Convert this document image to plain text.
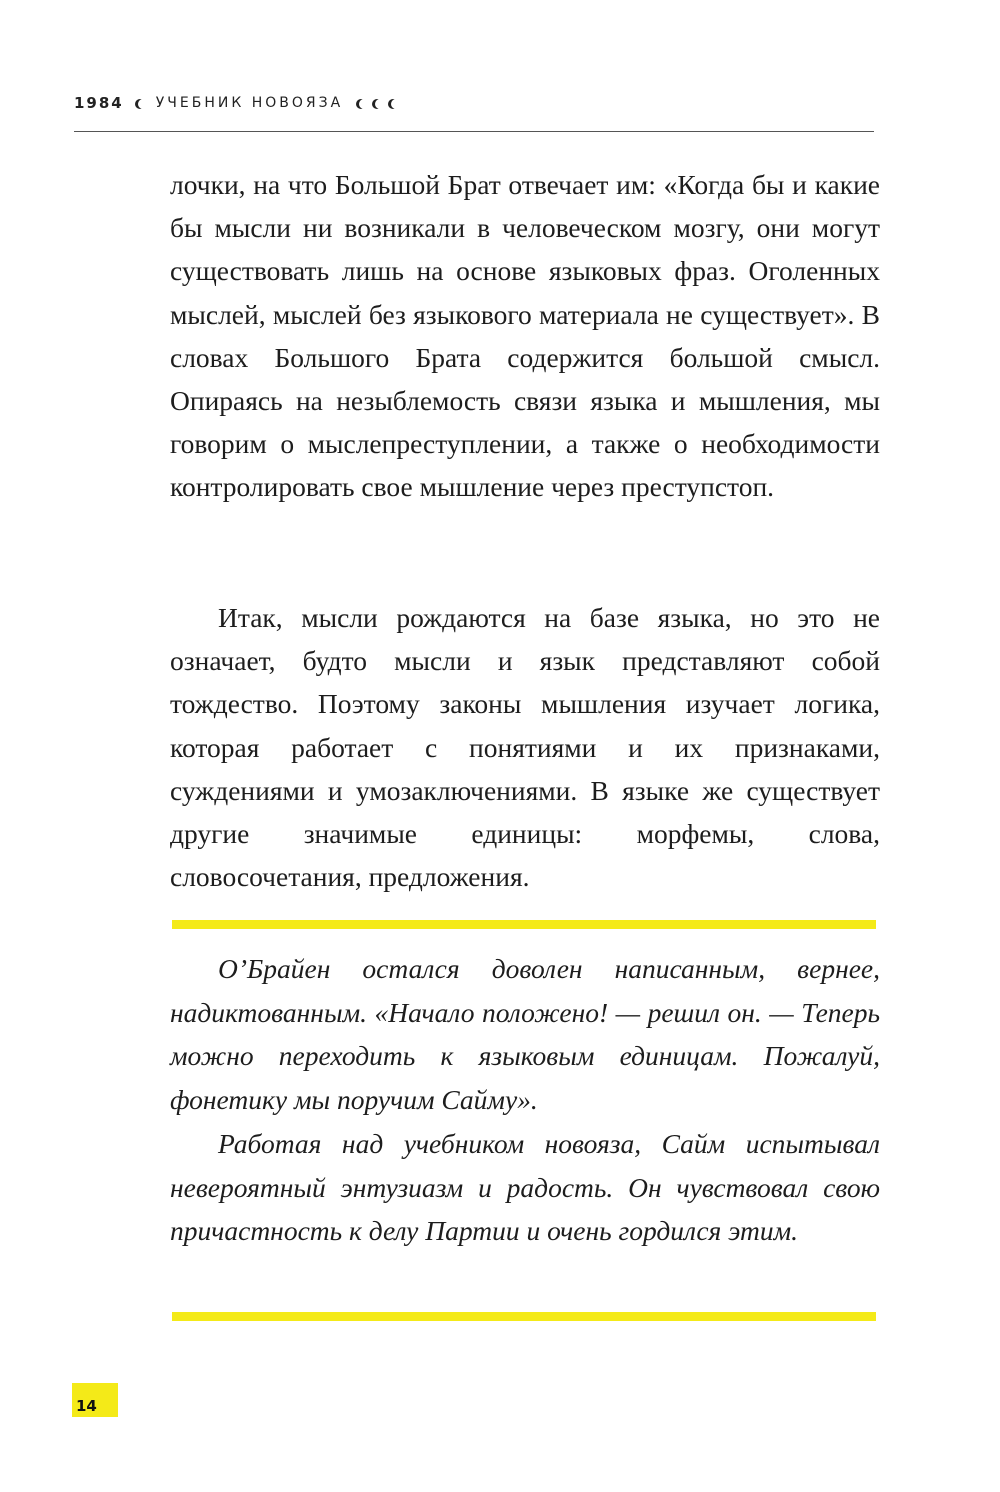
1984 УЧЕБНИК НОВОЯЗА

лочки, на что Большой Брат отвечает им: «Когда бы и какие бы мысли ни возникали в человеческом мозгу, они могут существовать лишь на основе языковых фраз. Оголенных мыслей, мыслей без языкового материала не существует». В словах Большого Брата содержится большой смысл. Опираясь на незыблемость связи языка и мышления, мы говорим о мыслепреступлении, а также о необходимости контролировать свое мышление через преступстоп.

Итак, мысли рождаются на базе языка, но это не означает, будто мысли и язык представляют собой тождество. Поэтому законы мышления изучает логика, которая работает с понятиями и их признаками, суждениями и умозаключениями. В языке же существует другие значимые единицы: морфемы, слова, словосочетания, предложения.

О’Брайен остался доволен написанным, вернее, надиктованным. «Начало положено! — решил он. — Теперь можно переходить к языковым единицам. Пожалуй, фонетику мы поручим Сайму».

Работая над учебником новояза, Сайм испытывал невероятный энтузиазм и радость. Он чувствовал свою причастность к делу Партии и очень гордился этим.

14
